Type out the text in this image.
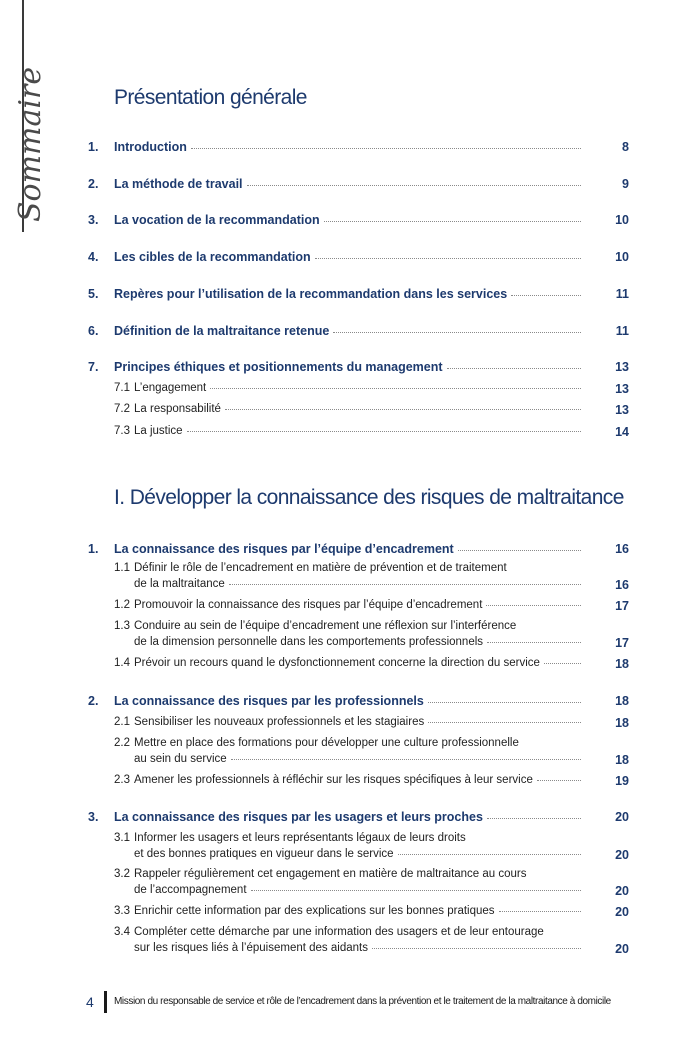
Sommaire	Présentation générale
1.	Introduction	8
2.	La méthode de travail	9
3.	La vocation de la recommandation	10
4.	Les cibles de la recommandation	10
5.	Repères pour l’utilisation de la recommandation dans les services	11
6.	Définition de la maltraitance retenue	11
7.	Principes éthiques et positionnements du management	13
7.1 L’engagement	13
7.2 La responsabilité	13
7.3 La justice	14
I. Développer la connaissance des risques de maltraitance
1.	La connaissance des risques par l’équipe d’encadrement	16
1.1 Définir le rôle de l’encadrement en matière de prévention et de traitement
de la maltraitance	16
1.2 Promouvoir la connaissance des risques par l’équipe d’encadrement	17
1.3 Conduire au sein de l’équipe d’encadrement une réflexion sur l’interférence
de la dimension personnelle dans les comportements professionnels	17
1.4 Prévoir un recours quand le dysfonctionnement concerne la direction du service	18
2.	La connaissance des risques par les professionnels	18
2.1 Sensibiliser les nouveaux professionnels et les stagiaires	18
2.2 Mettre en place des formations pour développer une culture professionnelle
au sein du service	18
2.3 Amener les professionnels à réfléchir sur les risques spécifiques à leur service	19
3.	La connaissance des risques par les usagers et leurs proches	20
3.1 Informer les usagers et leurs représentants légaux de leurs droits
et des bonnes pratiques en vigueur dans le service	20
3.2 Rappeler régulièrement cet engagement en matière de maltraitance au cours
de l’accompagnement	20
3.3 Enrichir cette information par des explications sur les bonnes pratiques	20
3.4 Compléter cette démarche par une information des usagers et de leur entourage
sur les risques liés à l’épuisement des aidants	20
4 Mission du responsable de service et rôle de l’encadrement dans la prévention et le traitement de la maltraitance à domicile
